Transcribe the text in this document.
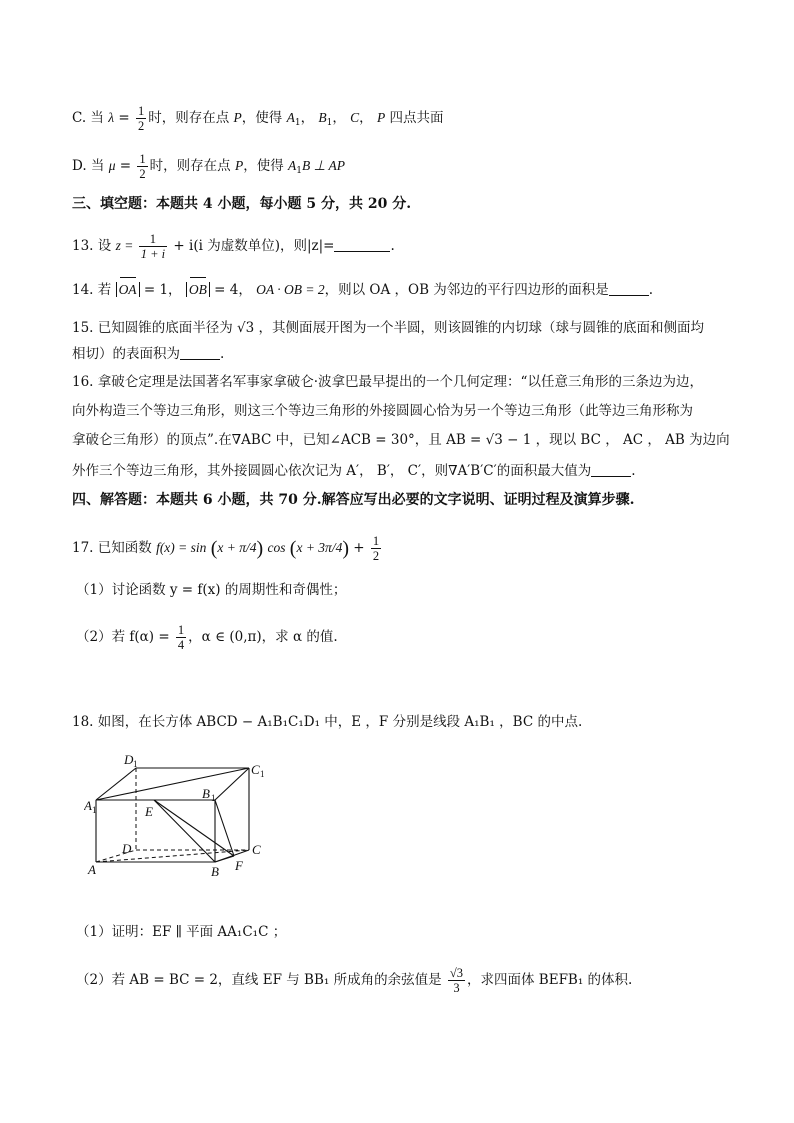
C. 当 $\lambda = \frac{1}{2}$ 时，则存在点 P，使得 $A_1$， $B_1$， C， P 四点共面
D. 当 $\mu = \frac{1}{2}$ 时，则存在点 P，使得 $A_1B$ ⊥ AP
三、填空题：本题共 4 小题，每小题 5 分，共 20 分.
13. 设 $z = \frac{1}{1 + i} + i(i$ 为虚数单位)，则|z|=	.
14. 若 OA = 1， OB = 4， OA · OB = 2，则以 OA ，OB 为邻边的平行四边形的面积是	.
15. 已知圆锥的底面半径为 √3 ，其侧面展开图为一个半圆，则该圆锥的内切球（球与圆锥的底面和侧面均
相切）的表面积为	.
16. 拿破仑定理是法国著名军事家拿破仑·波拿巴最早提出的一个几何定理：“以任意三角形的三条边为边，
向外构造三个等边三角形，则这三个等边三角形的外接圆圆心恰为另一个等边三角形（此等边三角形称为
拿破仑三角形）的顶点”.在∇ABC 中，已知∠ACB = 30°，且 AB = √3 − 1 ，现以 BC ， AC ， AB 为边向
外作三个等边三角形，其外接圆圆心依次记为 A′， B′， C′，则∇A′B′C′的面积最大值为	.
四、解答题：本题共 6 小题，共 70 分.解答应写出必要的文字说明、证明过程及演算步骤.
17. 已知函数 f(x) = sin (x + π/4) $\cos (x + 3\pi/4) + \frac{1}{2}$
（1）讨论函数 y = f(x) 的周期性和奇偶性；
（2）若 $f(\alpha) = \frac{1}{4}$ ，α ∈ (0,π)，求 α 的值.
18. 如图，在长方体 ABCD − A₁B₁C₁D₁ 中，E ，F 分别是线段 A₁B₁ ，BC 的中点.
D 1	C 1
A 1
B 1
E
D	C
F
A	B
（1）证明：EF ∥ 平面 AA₁C₁C ；
（2）若 AB = BC = 2，直线 EF 与 BB₁ 所成角的余弦值是 $\frac{√3}{3}$ ，求四面体 BEFB₁ 的体积.
